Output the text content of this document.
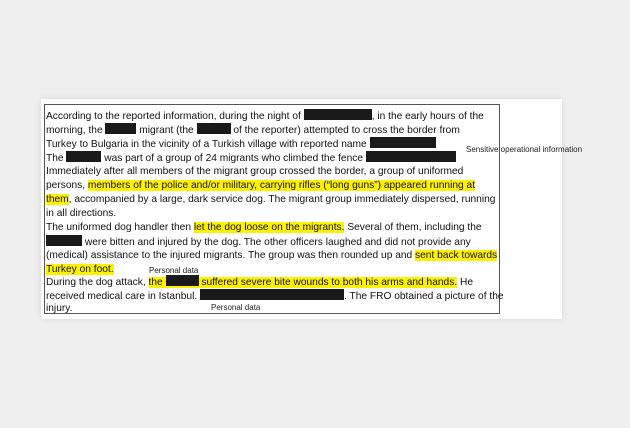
According to the reported information, during the night of	, in the early hours of the
morning, the	migrant (the	of the reporter) attempted to cross the border from
Turkey to Bulgaria in the vicinity of a Turkish village with reported name
The	was part of a group of 24 migrants who climbed the fence
Immediately after all members of the migrant group crossed the border, a group of uniformed
persons, members of the police and/or military, carrying rifles (“long guns”) appeared running at
them, accompanied by a large, dark service dog. The migrant group immediately dispersed, running
in all directions.
The uniformed dog handler then let the dog loose on the migrants. Several of them, including the
were bitten and injured by the dog. The other officers laughed and did not provide any
(medical) assistance to the injured migrants. The group was then rounded up and sent back towards
Turkey on foot.
During the dog attack, the	suffered severe bite wounds to both his arms and hands. He
received medical care in Istanbul.	. The FRO obtained a picture of the
injury.
Sensitive operational information
Personal data
Personal data
